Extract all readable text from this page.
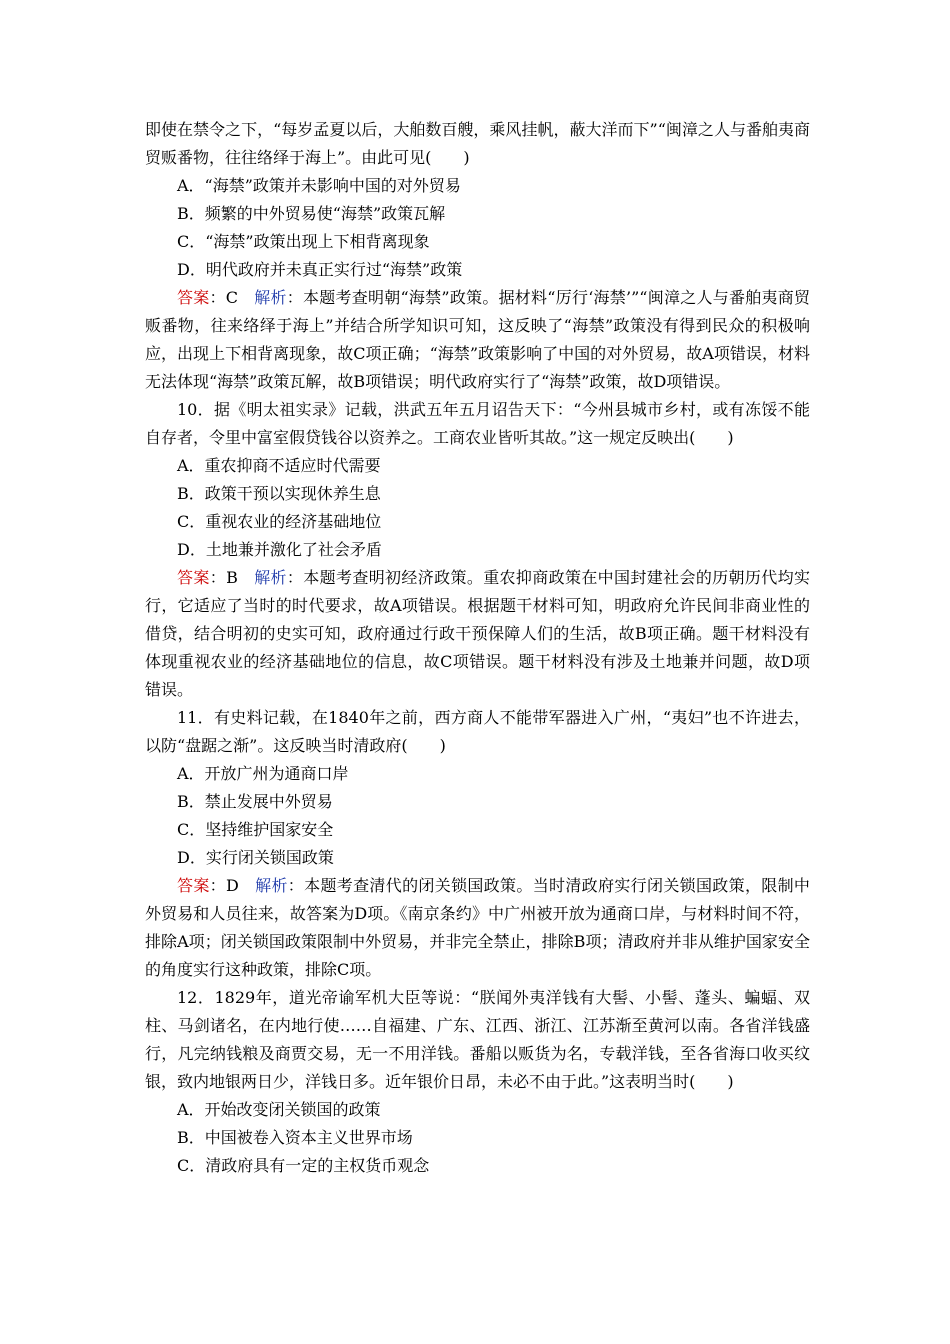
即使在禁令之下，“每岁孟夏以后，大舶数百艘，乘风挂帆，蔽大洋而下”“闽漳之人与番舶夷商贸贩番物，往往络绎于海上”。由此可见(　　)

A．“海禁”政策并未影响中国的对外贸易

B．频繁的中外贸易使“海禁”政策瓦解

C．“海禁”政策出现上下相背离现象

D．明代政府并未真正实行过“海禁”政策

答案：C 解析：本题考查明朝“海禁”政策。据材料“厉行‘海禁’”“闽漳之人与番舶夷商贸贩番物，往来络绎于海上”并结合所学知识可知，这反映了“海禁”政策没有得到民众的积极响应，出现上下相背离现象，故C项正确；“海禁”政策影响了中国的对外贸易，故A项错误，材料无法体现“海禁”政策瓦解，故B项错误；明代政府实行了“海禁”政策，故D项错误。

10．据《明太祖实录》记载，洪武五年五月诏告天下：“今州县城市乡村，或有冻馁不能自存者，令里中富室假贷钱谷以资养之。工商农业皆听其故。”这一规定反映出(　　)

A．重农抑商不适应时代需要

B．政策干预以实现休养生息

C．重视农业的经济基础地位

D．土地兼并激化了社会矛盾

答案：B 解析：本题考查明初经济政策。重农抑商政策在中国封建社会的历朝历代均实行，它适应了当时的时代要求，故A项错误。根据题干材料可知，明政府允许民间非商业性的借贷，结合明初的史实可知，政府通过行政干预保障人们的生活，故B项正确。题干材料没有体现重视农业的经济基础地位的信息，故C项错误。题干材料没有涉及土地兼并问题，故D项错误。

11．有史料记载，在1840年之前，西方商人不能带军器进入广州，“夷妇”也不许进去，以防“盘踞之渐”。这反映当时清政府(　　)

A．开放广州为通商口岸

B．禁止发展中外贸易

C．坚持维护国家安全

D．实行闭关锁国政策

答案：D 解析：本题考查清代的闭关锁国政策。当时清政府实行闭关锁国政策，限制中外贸易和人员往来，故答案为D项。《南京条约》中广州被开放为通商口岸，与材料时间不符，排除A项；闭关锁国政策限制中外贸易，并非完全禁止，排除B项；清政府并非从维护国家安全的角度实行这种政策，排除C项。

12．1829年，道光帝谕军机大臣等说：“朕闻外夷洋钱有大髻、小髻、蓬头、蝙蝠、双柱、马剑诸名，在内地行使……自福建、广东、江西、浙江、江苏渐至黄河以南。各省洋钱盛行，凡完纳钱粮及商贾交易，无一不用洋钱。番船以贩货为名，专载洋钱，至各省海口收买纹银，致内地银两日少，洋钱日多。近年银价日昂，未必不由于此。”这表明当时(　　)

A．开始改变闭关锁国的政策

B．中国被卷入资本主义世界市场

C．清政府具有一定的主权货币观念
